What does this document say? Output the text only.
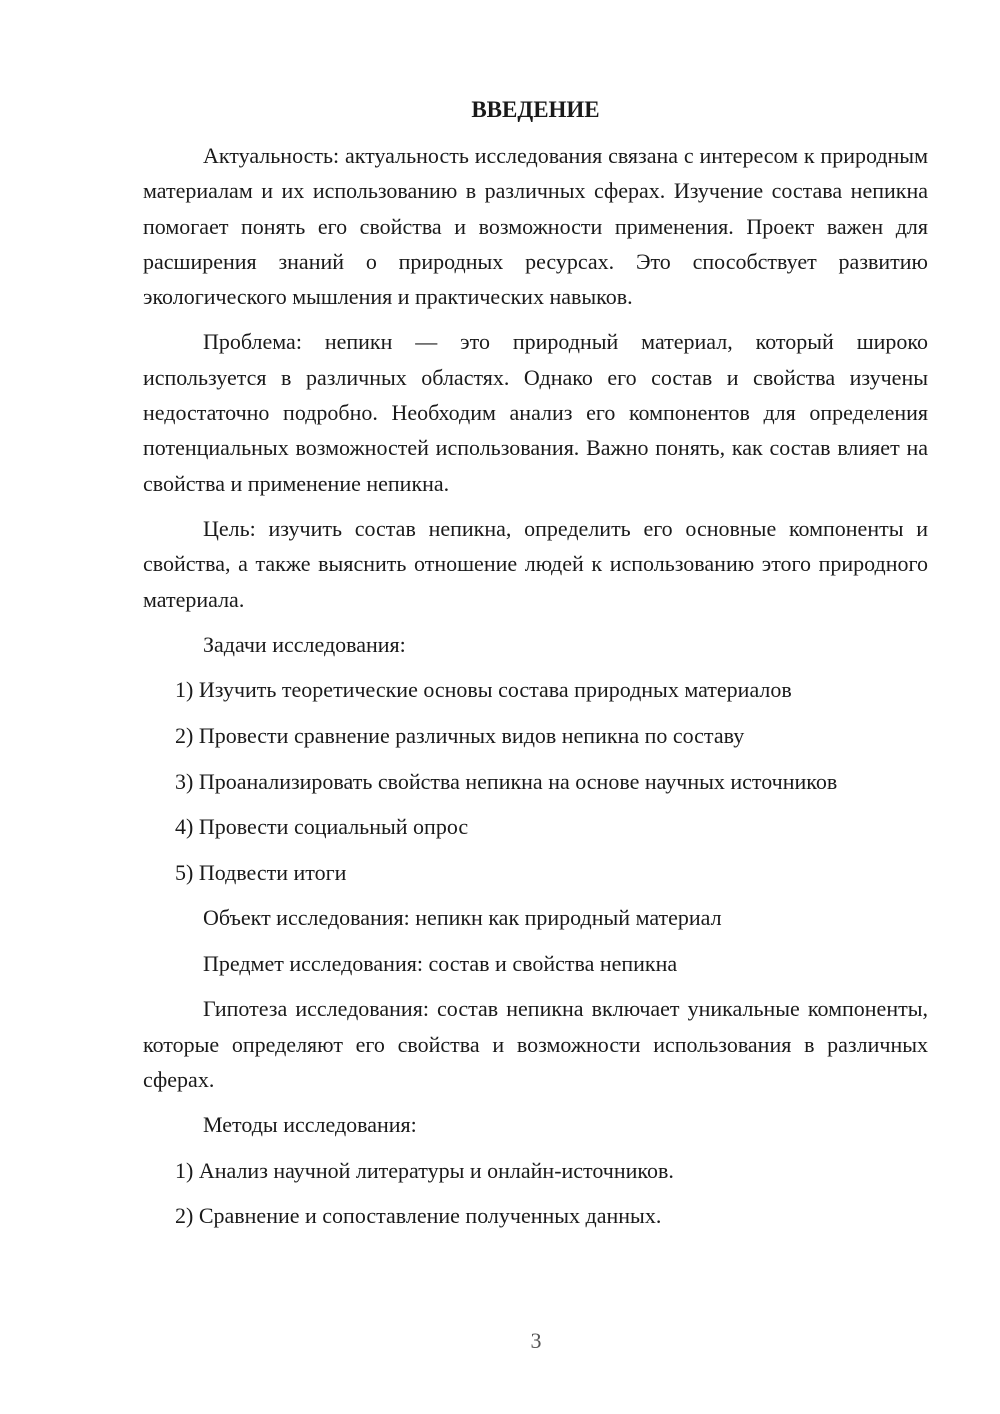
ВВЕДЕНИЕ

Актуальность: актуальность исследования связана с интересом к природным материалам и их использованию в различных сферах. Изучение состава непикна помогает понять его свойства и возможности применения. Проект важен для расширения знаний о природных ресурсах. Это способствует развитию экологического мышления и практических навыков.

Проблема: непикн — это природный материал, который широко используется в различных областях. Однако его состав и свойства изучены недостаточно подробно. Необходим анализ его компонентов для определения потенциальных возможностей использования. Важно понять, как состав влияет на свойства и применение непикна.

Цель: изучить состав непикна, определить его основные компоненты и свойства, а также выяснить отношение людей к использованию этого природного материала.

Задачи исследования:

1) Изучить теоретические основы состава природных материалов

2) Провести сравнение различных видов непикна по составу

3) Проанализировать свойства непикна на основе научных источников

4) Провести социальный опрос

5) Подвести итоги

Объект исследования: непикн как природный материал

Предмет исследования: состав и свойства непикна

Гипотеза исследования: состав непикна включает уникальные компоненты, которые определяют его свойства и возможности использования в различных сферах.

Методы исследования:

1) Анализ научной литературы и онлайн-источников.

2) Сравнение и сопоставление полученных данных.

3
